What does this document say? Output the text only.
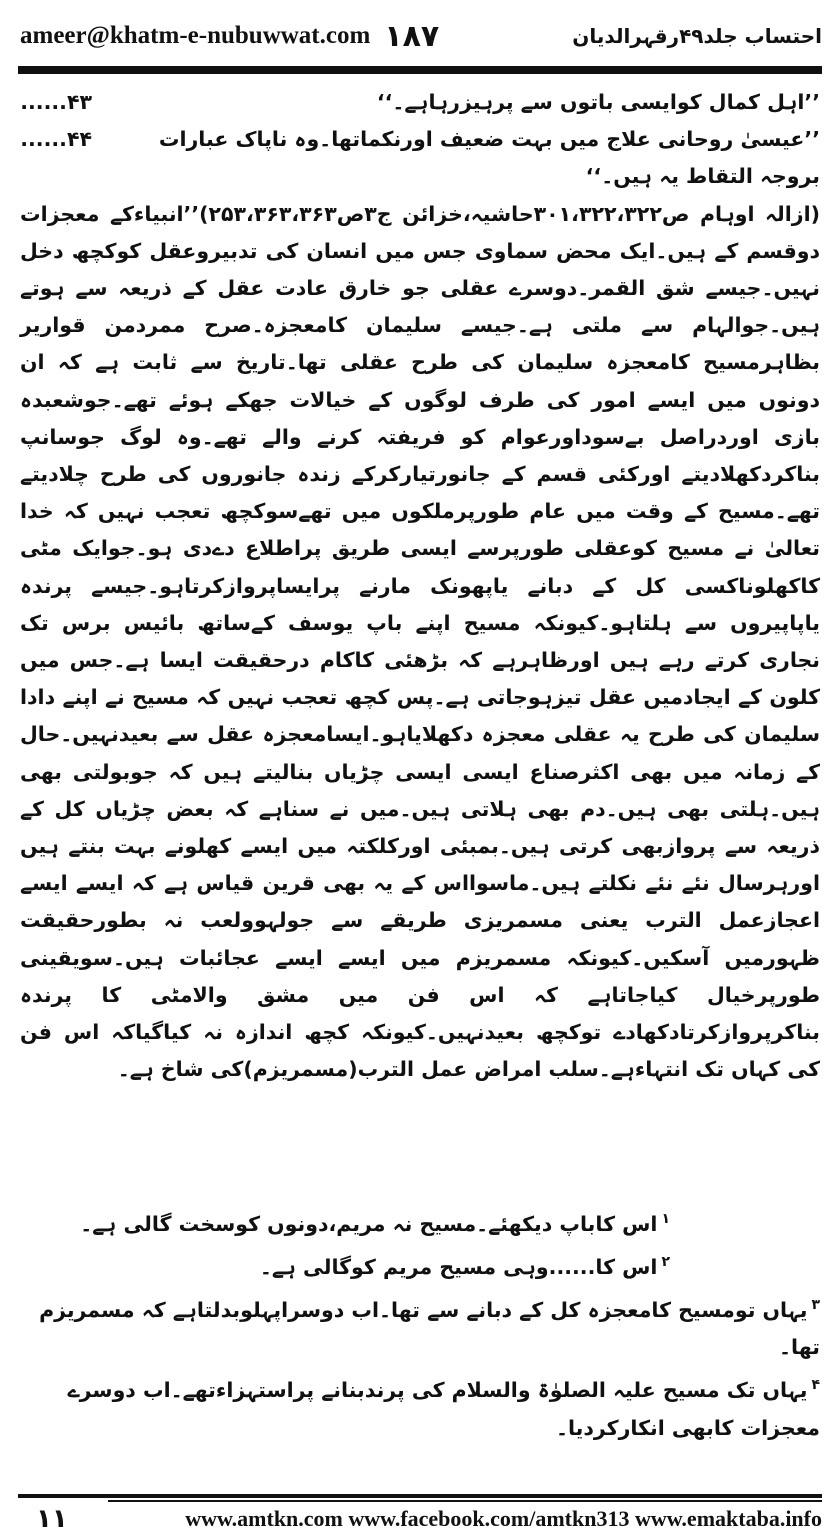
ameer@khatm-e-nubuwwat.com ۱۸۷	احتساب جلد۴۹رقہرالدیان
’’اہل کمال کوایسی باتوں سے پرہیزرہاہے۔‘‘
۴۳......
’’عیسیٰ روحانی علاج میں بہت ضعیف اورنکماتھا۔وہ ناپاک عبارات بروجہ التقاط یہ ہیں۔‘‘
۴۴......

(ازالہ اوہام ص۳۰۱،۳۲۲،۳۲۲حاشیہ،خزائن ج۳ص۲۵۳،۳۶۳،۳۶۳)’’انبیاءکے معجزات دوقسم کے ہیں۔ایک محض سماوی جس میں انسان کی تدبیروعقل کوکچھ دخل نہیں۔جیسے شق القمر۔دوسرے عقلی جو خارق عادت عقل کے ذریعہ سے ہوتے ہیں۔جوالہام سے ملتی ہے۔جیسے سلیمان کامعجزہ۔صرح ممردمن قواریر بظاہرمسیح کامعجزہ سلیمان کی طرح عقلی تھا۔تاریخ سے ثابت ہے کہ ان دونوں میں ایسے امور کی طرف لوگوں کے خیالات جھکے ہوئے تھے۔جوشعبدہ بازی اوردراصل بےسوداورعوام کو فریفتہ کرنے والے تھے۔وہ لوگ جوسانپ بناکردکھلادیتے اورکئی قسم کے جانورتیارکرکے زندہ جانوروں کی طرح چلادیتے تھے۔مسیح کے وقت میں عام طورپرملکوں میں تھےسوکچھ تعجب نہیں کہ خدا تعالیٰ نے مسیح کوعقلی طورپرسے ایسی طریق پراطلاع دےدی ہو۔جوایک مٹی کاکھلوناکسی کل کے دبانے یاپھونک مارنے پرایساپروازکرتاہو۔جیسے پرندہ یاپاپیروں سے ہلتاہو۔کیونکہ مسیح اپنے باپ یوسف کےساتھ بائیس برس تک نجاری کرتے رہے ہیں اورظاہرہے کہ بڑھئی کاکام درحقیقت ایسا ہے۔جس میں کلون کے ایجادمیں عقل تیزہوجاتی ہے۔پس کچھ تعجب نہیں کہ مسیح نے اپنے دادا سلیمان کی طرح یہ عقلی معجزہ دکھلایاہو۔ایسامعجزہ عقل سے بعیدنہیں۔حال کے زمانہ میں بھی اکثرصناع ایسی ایسی چڑیاں بنالیتے ہیں کہ جوبولتی بھی ہیں۔ہلتی بھی ہیں۔دم بھی ہلاتی ہیں۔میں نے سناہے کہ بعض چڑیاں کل کے ذریعہ سے پروازبھی کرتی ہیں۔بمبئی اورکلکتہ میں ایسے کھلونے بہت بنتے ہیں اورہرسال نئے نئے نکلتے ہیں۔ماسوااس کے یہ بھی قرین قیاس ہے کہ ایسے ایسے اعجازعمل الترب یعنی مسمریزی طریقے سے جولہوولعب نہ بطورحقیقت ظہورمیں آسکیں۔کیونکہ مسمریزم میں ایسے ایسے عجائبات ہیں۔سویقینی طورپرخیال کیاجاتاہے کہ اس فن میں مشق والامٹی کا پرندہ بناکرپروازکرتادکھادے توکچھ بعیدنہیں۔کیونکہ کچھ اندازہ نہ کیاگیاکہ اس فن کی کہاں تک انتہاءہے۔سلب امراض عمل الترب(مسمریزم)کی شاخ ہے۔

$^۱$اس کاباپ دیکھئے۔مسیح نہ مریم،دونوں کوسخت گالی ہے۔

$^۲$اس کا......وہی مسیح مریم کوگالی ہے۔

$^۳$یہاں تومسیح کامعجزہ کل کے دبانے سے تھا۔اب دوسراپہلوبدلتاہے کہ مسمریزم تھا۔

$^۴$یہاں تک مسیح علیہ الصلوٰۃ والسلام کی پرندبنانے پراستہزاءتھے۔اب دوسرے

معجزات کابھی انکارکردیا۔

۱۱	www.amtkn.com www.facebook.com/amtkn313 www.emaktaba.info
